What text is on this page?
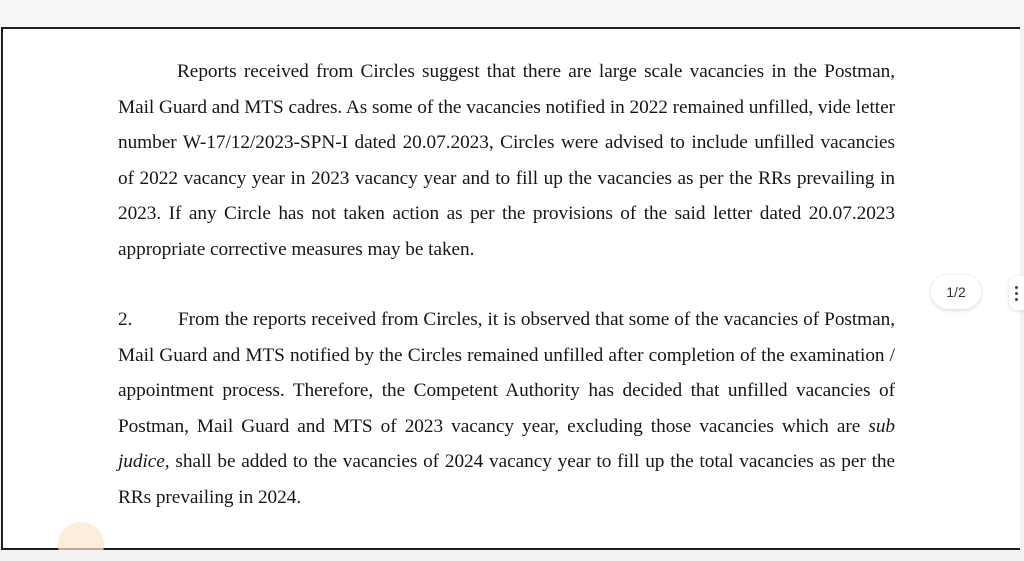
Reports received from Circles suggest that there are large scale vacancies in the Postman, Mail Guard and MTS cadres. As some of the vacancies notified in 2022 remained unfilled, vide letter number W-17/12/2023-SPN-I dated 20.07.2023, Circles were advised to include unfilled vacancies of 2022 vacancy year in 2023 vacancy year and to fill up the vacancies as per the RRs prevailing in 2023. If any Circle has not taken action as per the provisions of the said letter dated 20.07.2023 appropriate corrective measures may be taken.
2. From the reports received from Circles, it is observed that some of the vacancies of Postman, Mail Guard and MTS notified by the Circles remained unfilled after completion of the examination / appointment process. Therefore, the Competent Authority has decided that unfilled vacancies of Postman, Mail Guard and MTS of 2023 vacancy year, excluding those vacancies which are sub judice, shall be added to the vacancies of 2024 vacancy year to fill up the total vacancies as per the RRs prevailing in 2024.
1/2
